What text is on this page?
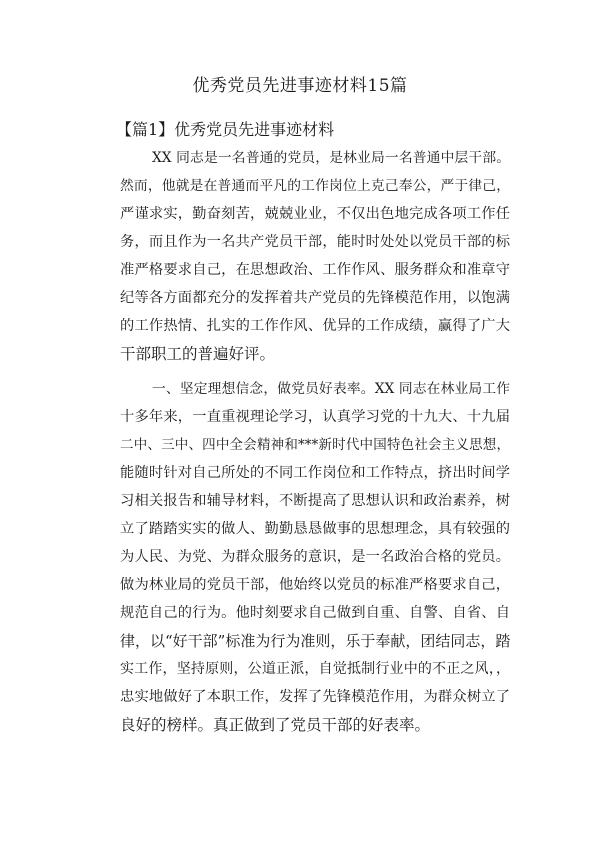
优秀党员先进事迹材料15篇
【篇1】优秀党员先进事迹材料
XX 同志是一名普通的党员，是林业局一名普通中层干部。
然而，他就是在普通而平凡的工作岗位上克己奉公，严于律己，
严谨求实，勤奋刻苦，兢兢业业，不仅出色地完成各项工作任
务，而且作为一名共产党员干部，能时时处处以党员干部的标
准严格要求自己，在思想政治、工作作风、服务群众和准章守
纪等各方面都充分的发挥着共产党员的先锋模范作用，以饱满
的工作热情、扎实的工作作风、优异的工作成绩，赢得了广大
干部职工的普遍好评。
一、坚定理想信念，做党员好表率。XX 同志在林业局工作
十多年来，一直重视理论学习，认真学习党的十九大、十九届
二中、三中、四中全会精神和***新时代中国特色社会主义思想，
能随时针对自己所处的不同工作岗位和工作特点，挤出时间学
习相关报告和辅导材料，不断提高了思想认识和政治素养，树
立了踏踏实实的做人、勤勤恳恳做事的思想理念，具有较强的
为人民、为党、为群众服务的意识，是一名政治合格的党员。
做为林业局的党员干部，他始终以党员的标准严格要求自己，
规范自己的行为。他时刻要求自己做到自重、自警、自省、自
律，以“好干部”标准为行为准则，乐于奉献，团结同志，踏
实工作，坚持原则，公道正派，自觉抵制行业中的不正之风，，
忠实地做好了本职工作，发挥了先锋模范作用，为群众树立了
良好的榜样。真正做到了党员干部的好表率。
